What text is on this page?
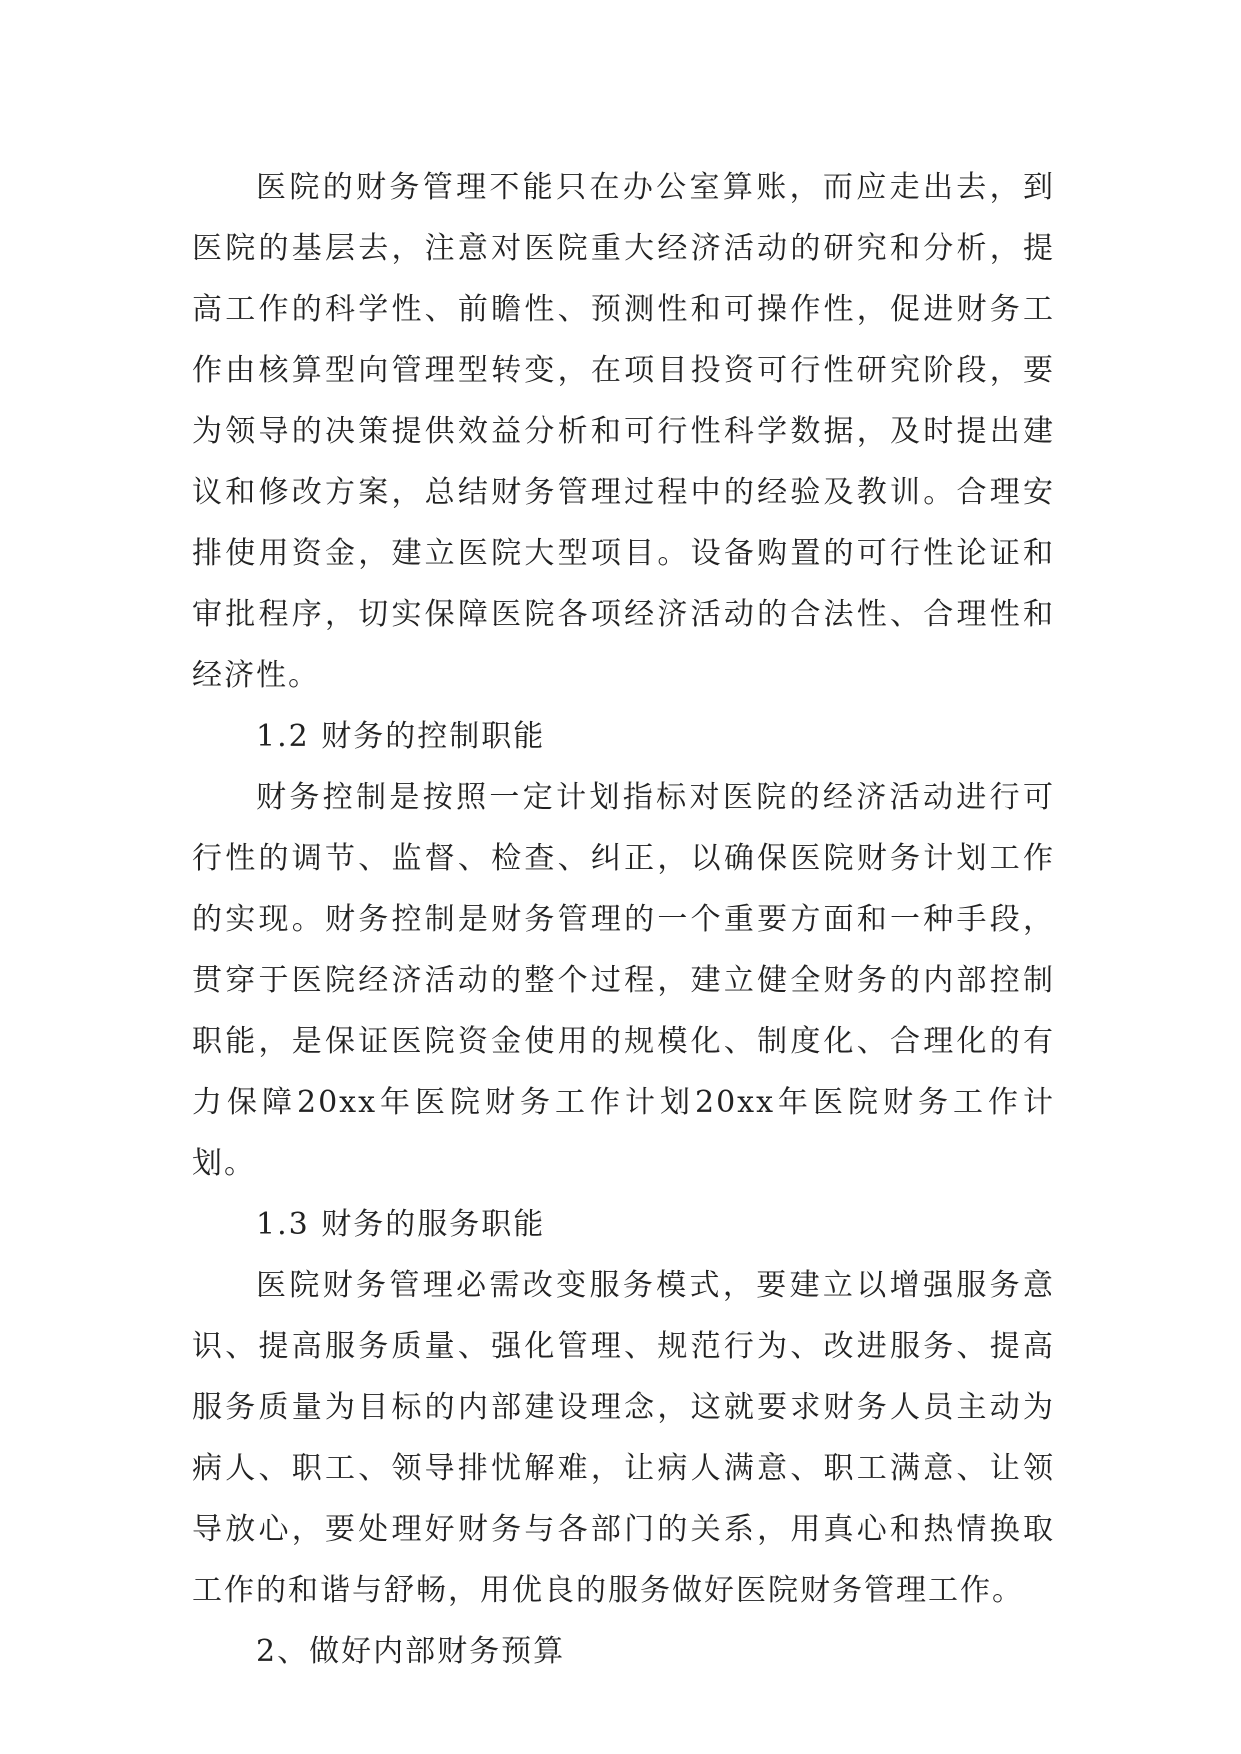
医院的财务管理不能只在办公室算账，而应走出去，到医院的基层去，注意对医院重大经济活动的研究和分析，提高工作的科学性、前瞻性、预测性和可操作性，促进财务工作由核算型向管理型转变，在项目投资可行性研究阶段，要为领导的决策提供效益分析和可行性科学数据，及时提出建议和修改方案，总结财务管理过程中的经验及教训。合理安排使用资金，建立医院大型项目。设备购置的可行性论证和审批程序，切实保障医院各项经济活动的合法性、合理性和经济性。

1.2 财务的控制职能

财务控制是按照一定计划指标对医院的经济活动进行可行性的调节、监督、检查、纠正，以确保医院财务计划工作的实现。财务控制是财务管理的一个重要方面和一种手段，贯穿于医院经济活动的整个过程，建立健全财务的内部控制职能，是保证医院资金使用的规模化、制度化、合理化的有力保障20xx年医院财务工作计划20xx年医院财务工作计划。

1.3 财务的服务职能

医院财务管理必需改变服务模式，要建立以增强服务意识、提高服务质量、强化管理、规范行为、改进服务、提高服务质量为目标的内部建设理念，这就要求财务人员主动为病人、职工、领导排忧解难，让病人满意、职工满意、让领导放心，要处理好财务与各部门的关系，用真心和热情换取工作的和谐与舒畅，用优良的服务做好医院财务管理工作。

2、做好内部财务预算
